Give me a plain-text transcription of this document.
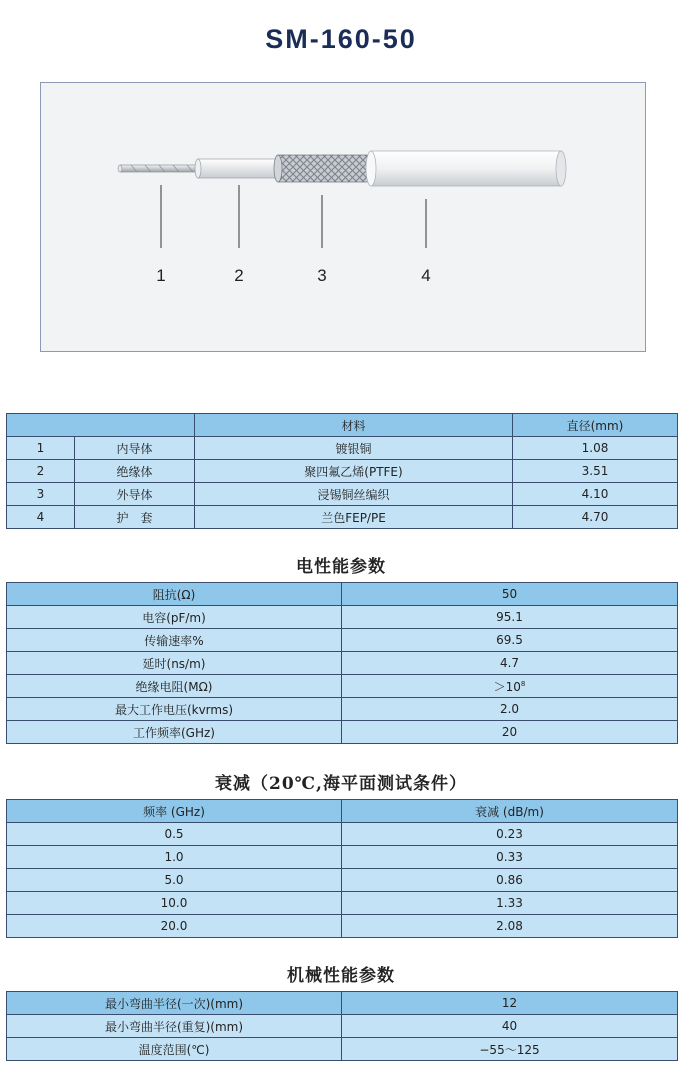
SM-160-50
1	2	3	4
		材料	直径(mm)
1	内导体	镀银铜	1.08
2	绝缘体	聚四氟乙烯(PTFE)	3.51
3	外导体	浸锡铜丝编织	4.10
4	护　套	兰色FEP/PE	4.70
电性能参数
阻抗(Ω)	50
电容(pF/m)	95.1
传输速率%	69.5
延时(ns/m)	4.7
绝缘电阻(MΩ)	$>10^8$
最大工作电压(kvrms)	2.0
工作频率(GHz)	20
衰减（20℃,海平面测试条件）
频率 (GHz)	衰减 (dB/m)
0.5	0.23
1.0	0.33
5.0	0.86
10.0	1.33
20.0	2.08
机械性能参数
最小弯曲半径(一次)(mm)	12
最小弯曲半径(重复)(mm)	40
温度范围(℃)	−55～125
